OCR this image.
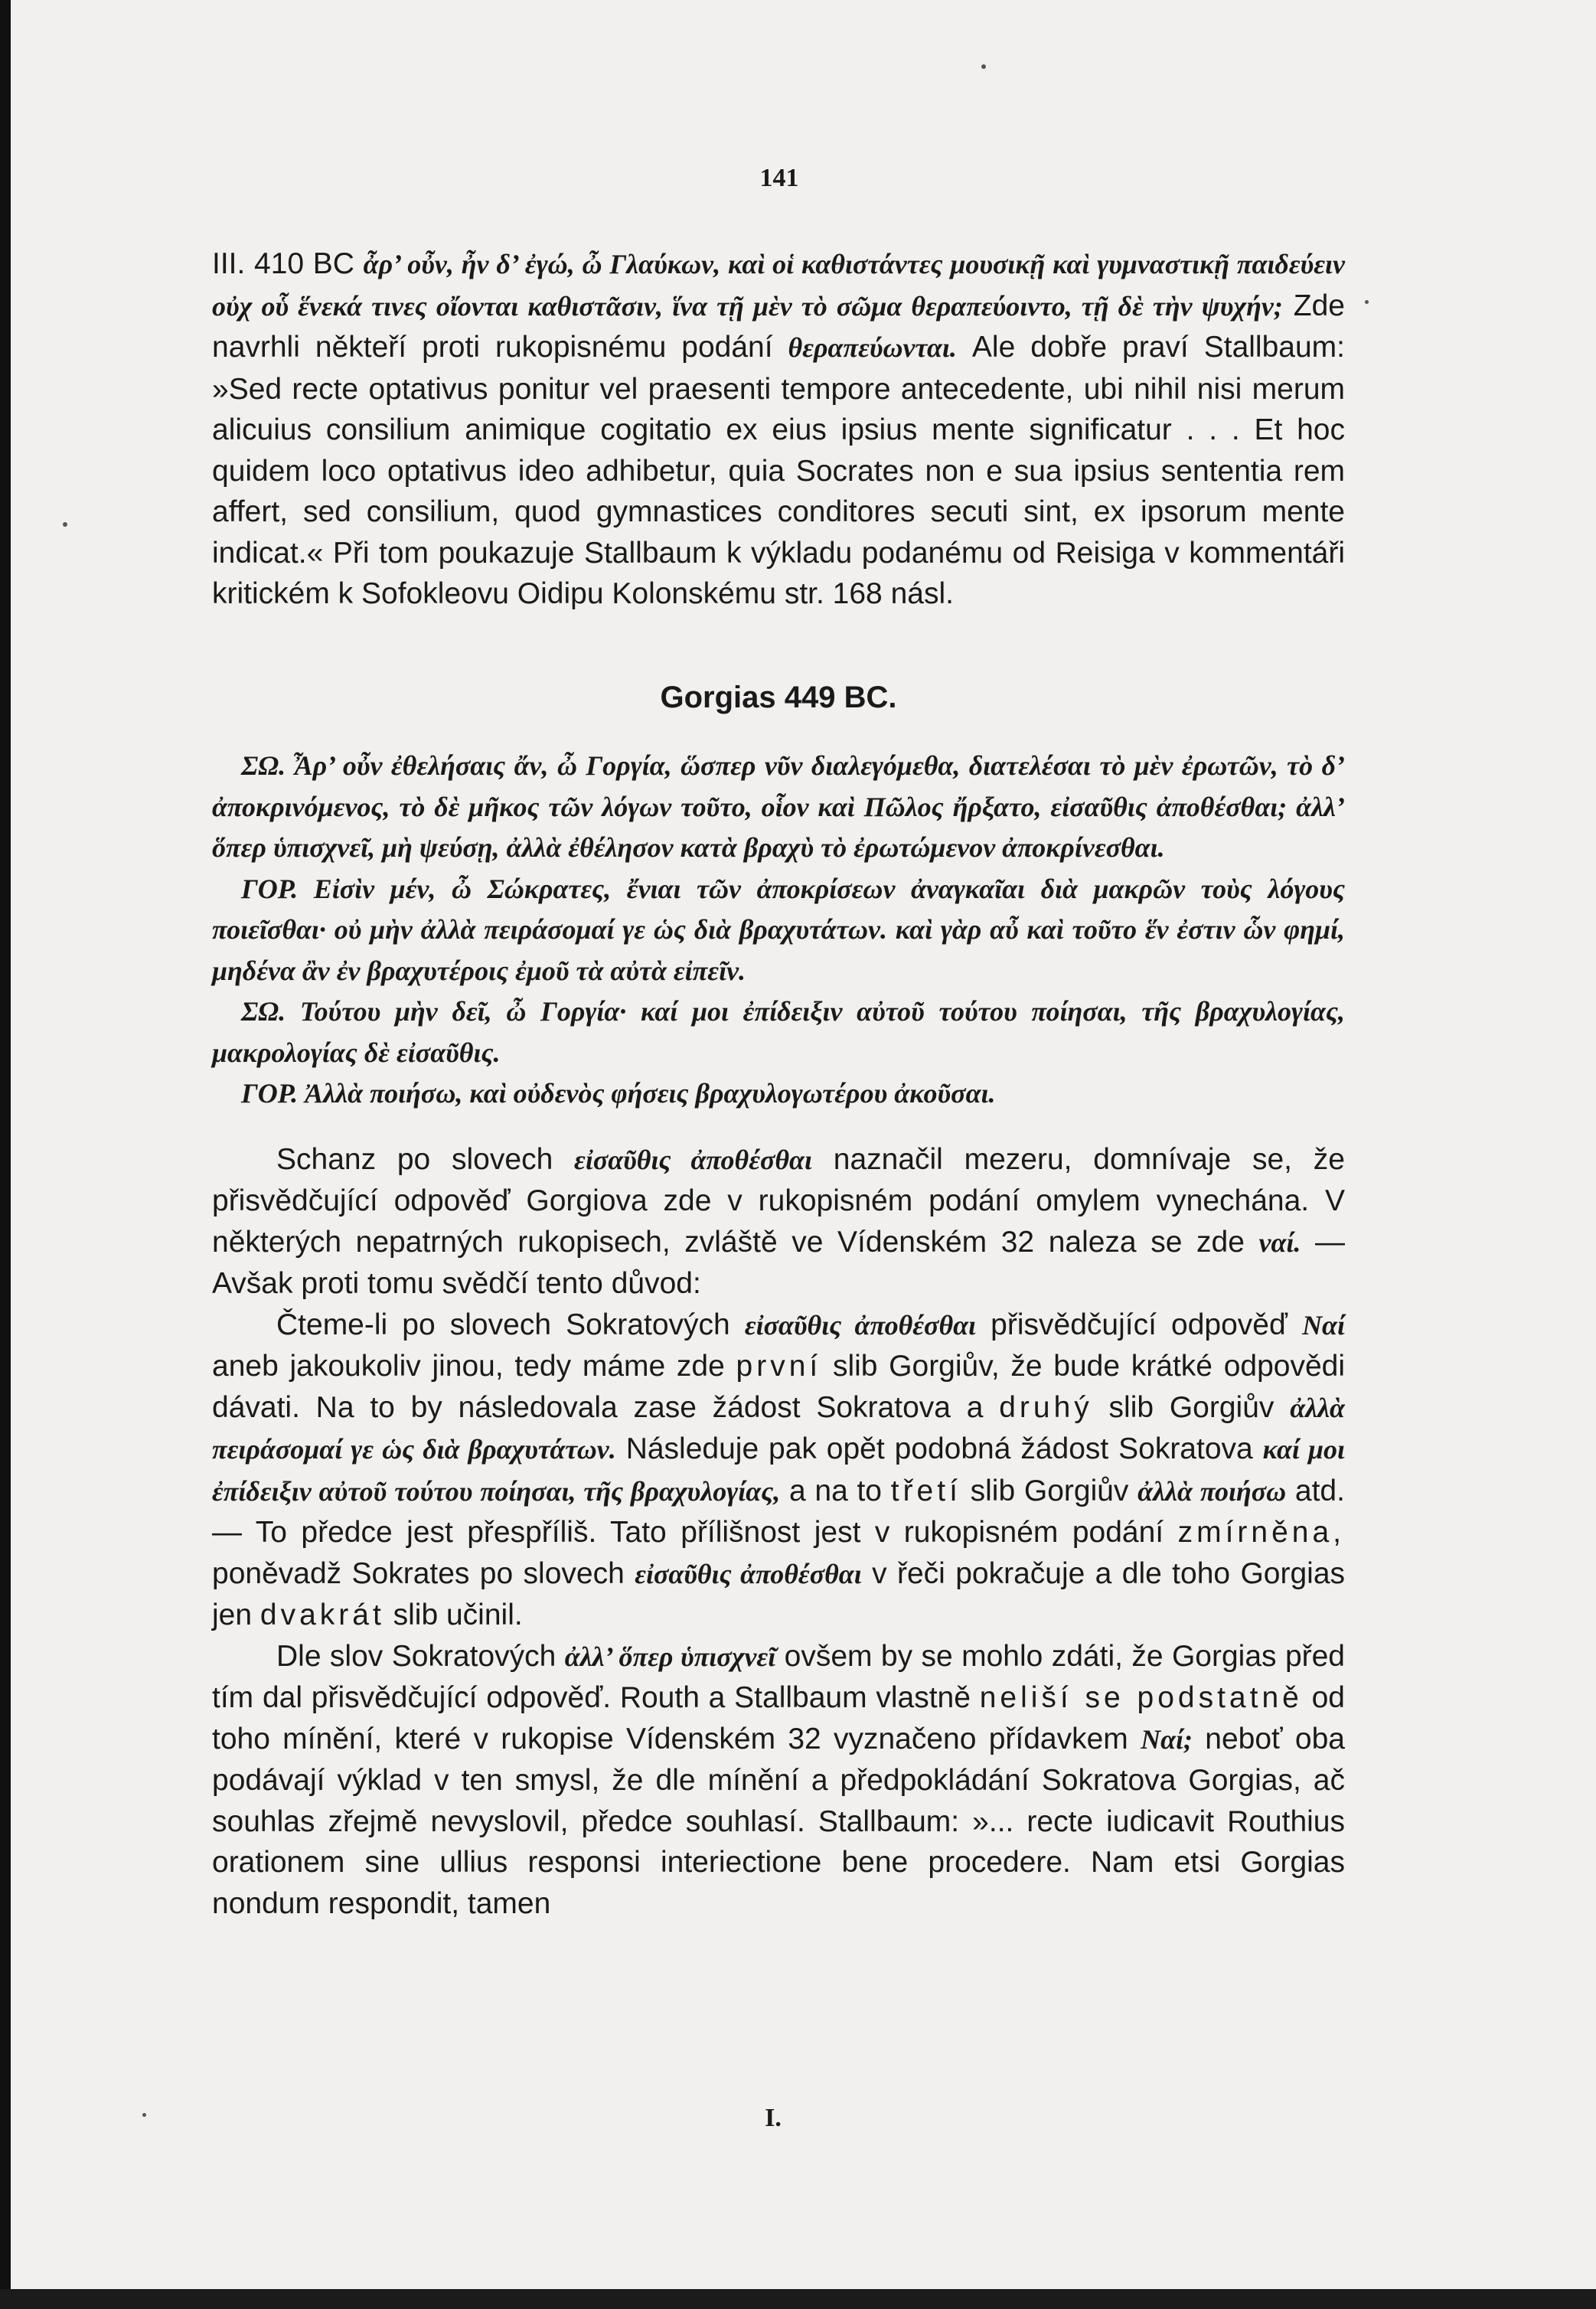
141

III. 410 BC ἆρ’ οὖν, ἦν δ’ ἐγώ, ὦ Γλαύκων, καὶ οἱ καθιστάντες μουσικῇ καὶ γυμναστικῇ παιδεύειν οὐχ οὗ ἕνεκά τινες οἴονται καθιστᾶσιν, ἵνα τῇ μὲν τὸ σῶμα θεραπεύοιντο, τῇ δὲ τὴν ψυχήν; Zde navrhli někteří proti rukopisnému podání θεραπεύωνται. Ale dobře praví Stallbaum: »Sed recte optativus ponitur vel praesenti tempore antecedente, ubi nihil nisi merum alicuius consilium animique cogitatio ex eius ipsius mente significatur . . . Et hoc quidem loco optativus ideo adhibetur, quia Socrates non e sua ipsius sententia rem affert, sed consilium, quod gymnastices conditores secuti sint, ex ipsorum mente indicat.« Při tom poukazuje Stallbaum k výkladu podanému od Reisiga v kommentáři kritickém k Sofokleovu Oidipu Kolonskému str. 168 násl.

Gorgias 449 BC.

ΣΩ. Ἆρ’ οὖν ἐθελήσαις ἄν, ὦ Γοργία, ὥσπερ νῦν διαλεγόμεθα, διατελέσαι τὸ μὲν ἐρωτῶν, τὸ δ’ ἀποκρινόμενος, τὸ δὲ μῆκος τῶν λόγων τοῦτο, οἷον καὶ Πῶλος ἤρξατο, εἰσαῦθις ἀποθέσθαι; ἀλλ’ ὅπερ ὑπισχνεῖ, μὴ ψεύσῃ, ἀλλὰ ἐθέλησον κατὰ βραχὺ τὸ ἐρωτώμενον ἀποκρίνεσθαι.

ΓΟΡ. Εἰσὶν μέν, ὦ Σώκρατες, ἔνιαι τῶν ἀποκρίσεων ἀναγκαῖαι διὰ μακρῶν τοὺς λόγους ποιεῖσθαι· οὐ μὴν ἀλλὰ πειράσομαί γε ὡς διὰ βραχυτάτων. καὶ γὰρ αὖ καὶ τοῦτο ἕν ἐστιν ὧν φημί, μηδένα ἂν ἐν βραχυτέροις ἐμοῦ τὰ αὐτὰ εἰπεῖν.

ΣΩ. Τούτου μὴν δεῖ, ὦ Γοργία· καί μοι ἐπίδειξιν αὐτοῦ τούτου ποίησαι, τῆς βραχυλογίας, μακρολογίας δὲ εἰσαῦθις.

ΓΟΡ. Ἀλλὰ ποιήσω, καὶ οὐδενὸς φήσεις βραχυλογωτέρου ἀκοῦσαι.

Schanz po slovech εἰσαῦθις ἀποθέσθαι naznačil mezeru, domnívaje se, že přisvědčující odpověď Gorgiova zde v rukopisném podání omylem vynechána. V některých nepatrných rukopisech, zvláště ve Vídenském 32 naleza se zde ναί. — Avšak proti tomu svědčí tento důvod:

Čteme-li po slovech Sokratových εἰσαῦθις ἀποθέσθαι přisvědčující odpověď Ναί aneb jakoukoliv jinou, tedy máme zde první slib Gorgiův, že bude krátké odpovědi dávati. Na to by následovala zase žádost Sokratova a druhý slib Gorgiův ἀλλὰ πειράσομαί γε ὡς διὰ βραχυτάτων. Následuje pak opět podobná žádost Sokratova καί μοι ἐπίδειξιν αὐτοῦ τούτου ποίησαι, τῆς βραχυλογίας, a na to třetí slib Gorgiův ἀλλὰ ποιήσω atd. — To předce jest přespříliš. Tato přílišnost jest v rukopisném podání zmírněna, poněvadž Sokrates po slovech εἰσαῦθις ἀποθέσθαι v řeči pokračuje a dle toho Gorgias jen dvakrát slib učinil.

Dle slov Sokratových ἀλλ’ ὅπερ ὑπισχνεῖ ovšem by se mohlo zdáti, že Gorgias před tím dal přisvědčující odpověď. Routh a Stallbaum vlastně neliší se podstatně od toho mínění, které v rukopise Vídenském 32 vyznačeno přídavkem Ναί; neboť oba podávají výklad v ten smysl, že dle mínění a předpokládání Sokratova Gorgias, ač souhlas zřejmě nevyslovil, předce souhlasí. Stallbaum: »... recte iudicavit Routhius orationem sine ullius responsi interiectione bene procedere. Nam etsi Gorgias nondum respondit, tamen

I.
